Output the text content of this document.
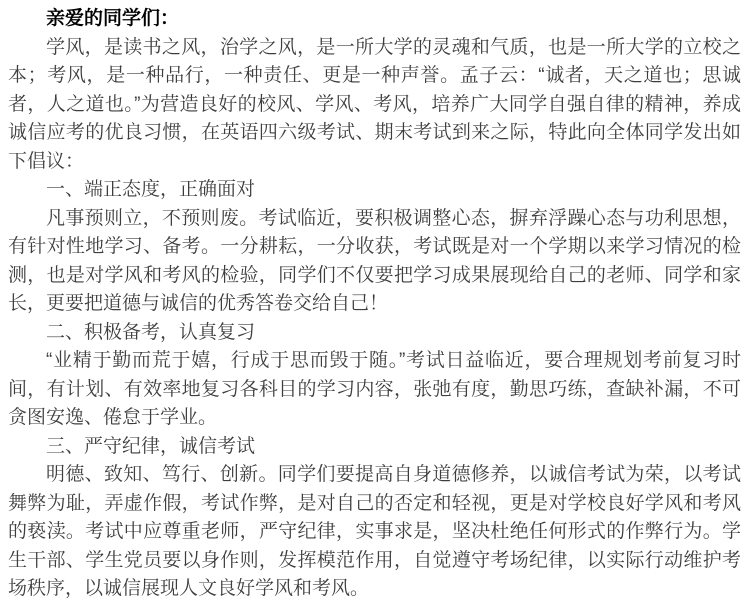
亲爱的同学们：

学风，是读书之风，治学之风，是一所大学的灵魂和气质，也是一所大学的立校之本；考风，是一种品行，一种责任、更是一种声誉。孟子云：“诚者，天之道也；思诚者，人之道也。”为营造良好的校风、学风、考风，培养广大同学自强自律的精神，养成诚信应考的优良习惯，在英语四六级考试、期末考试到来之际，特此向全体同学发出如下倡议：

一、端正态度，正确面对

凡事预则立，不预则废。考试临近，要积极调整心态，摒弃浮躁心态与功利思想，有针对性地学习、备考。一分耕耘，一分收获，考试既是对一个学期以来学习情况的检测，也是对学风和考风的检验，同学们不仅要把学习成果展现给自己的老师、同学和家长，更要把道德与诚信的优秀答卷交给自己！

二、积极备考，认真复习

“业精于勤而荒于嬉，行成于思而毁于随。”考试日益临近，要合理规划考前复习时间，有计划、有效率地复习各科目的学习内容，张弛有度，勤思巧练，查缺补漏，不可贪图安逸、倦怠于学业。

三、严守纪律，诚信考试

明德、致知、笃行、创新。同学们要提高自身道德修养，以诚信考试为荣，以考试舞弊为耻，弄虚作假，考试作弊，是对自己的否定和轻视，更是对学校良好学风和考风的亵渎。考试中应尊重老师，严守纪律，实事求是，坚决杜绝任何形式的作弊行为。学生干部、学生党员要以身作则，发挥模范作用，自觉遵守考场纪律，以实际行动维护考场秩序，以诚信展现人文良好学风和考风。
